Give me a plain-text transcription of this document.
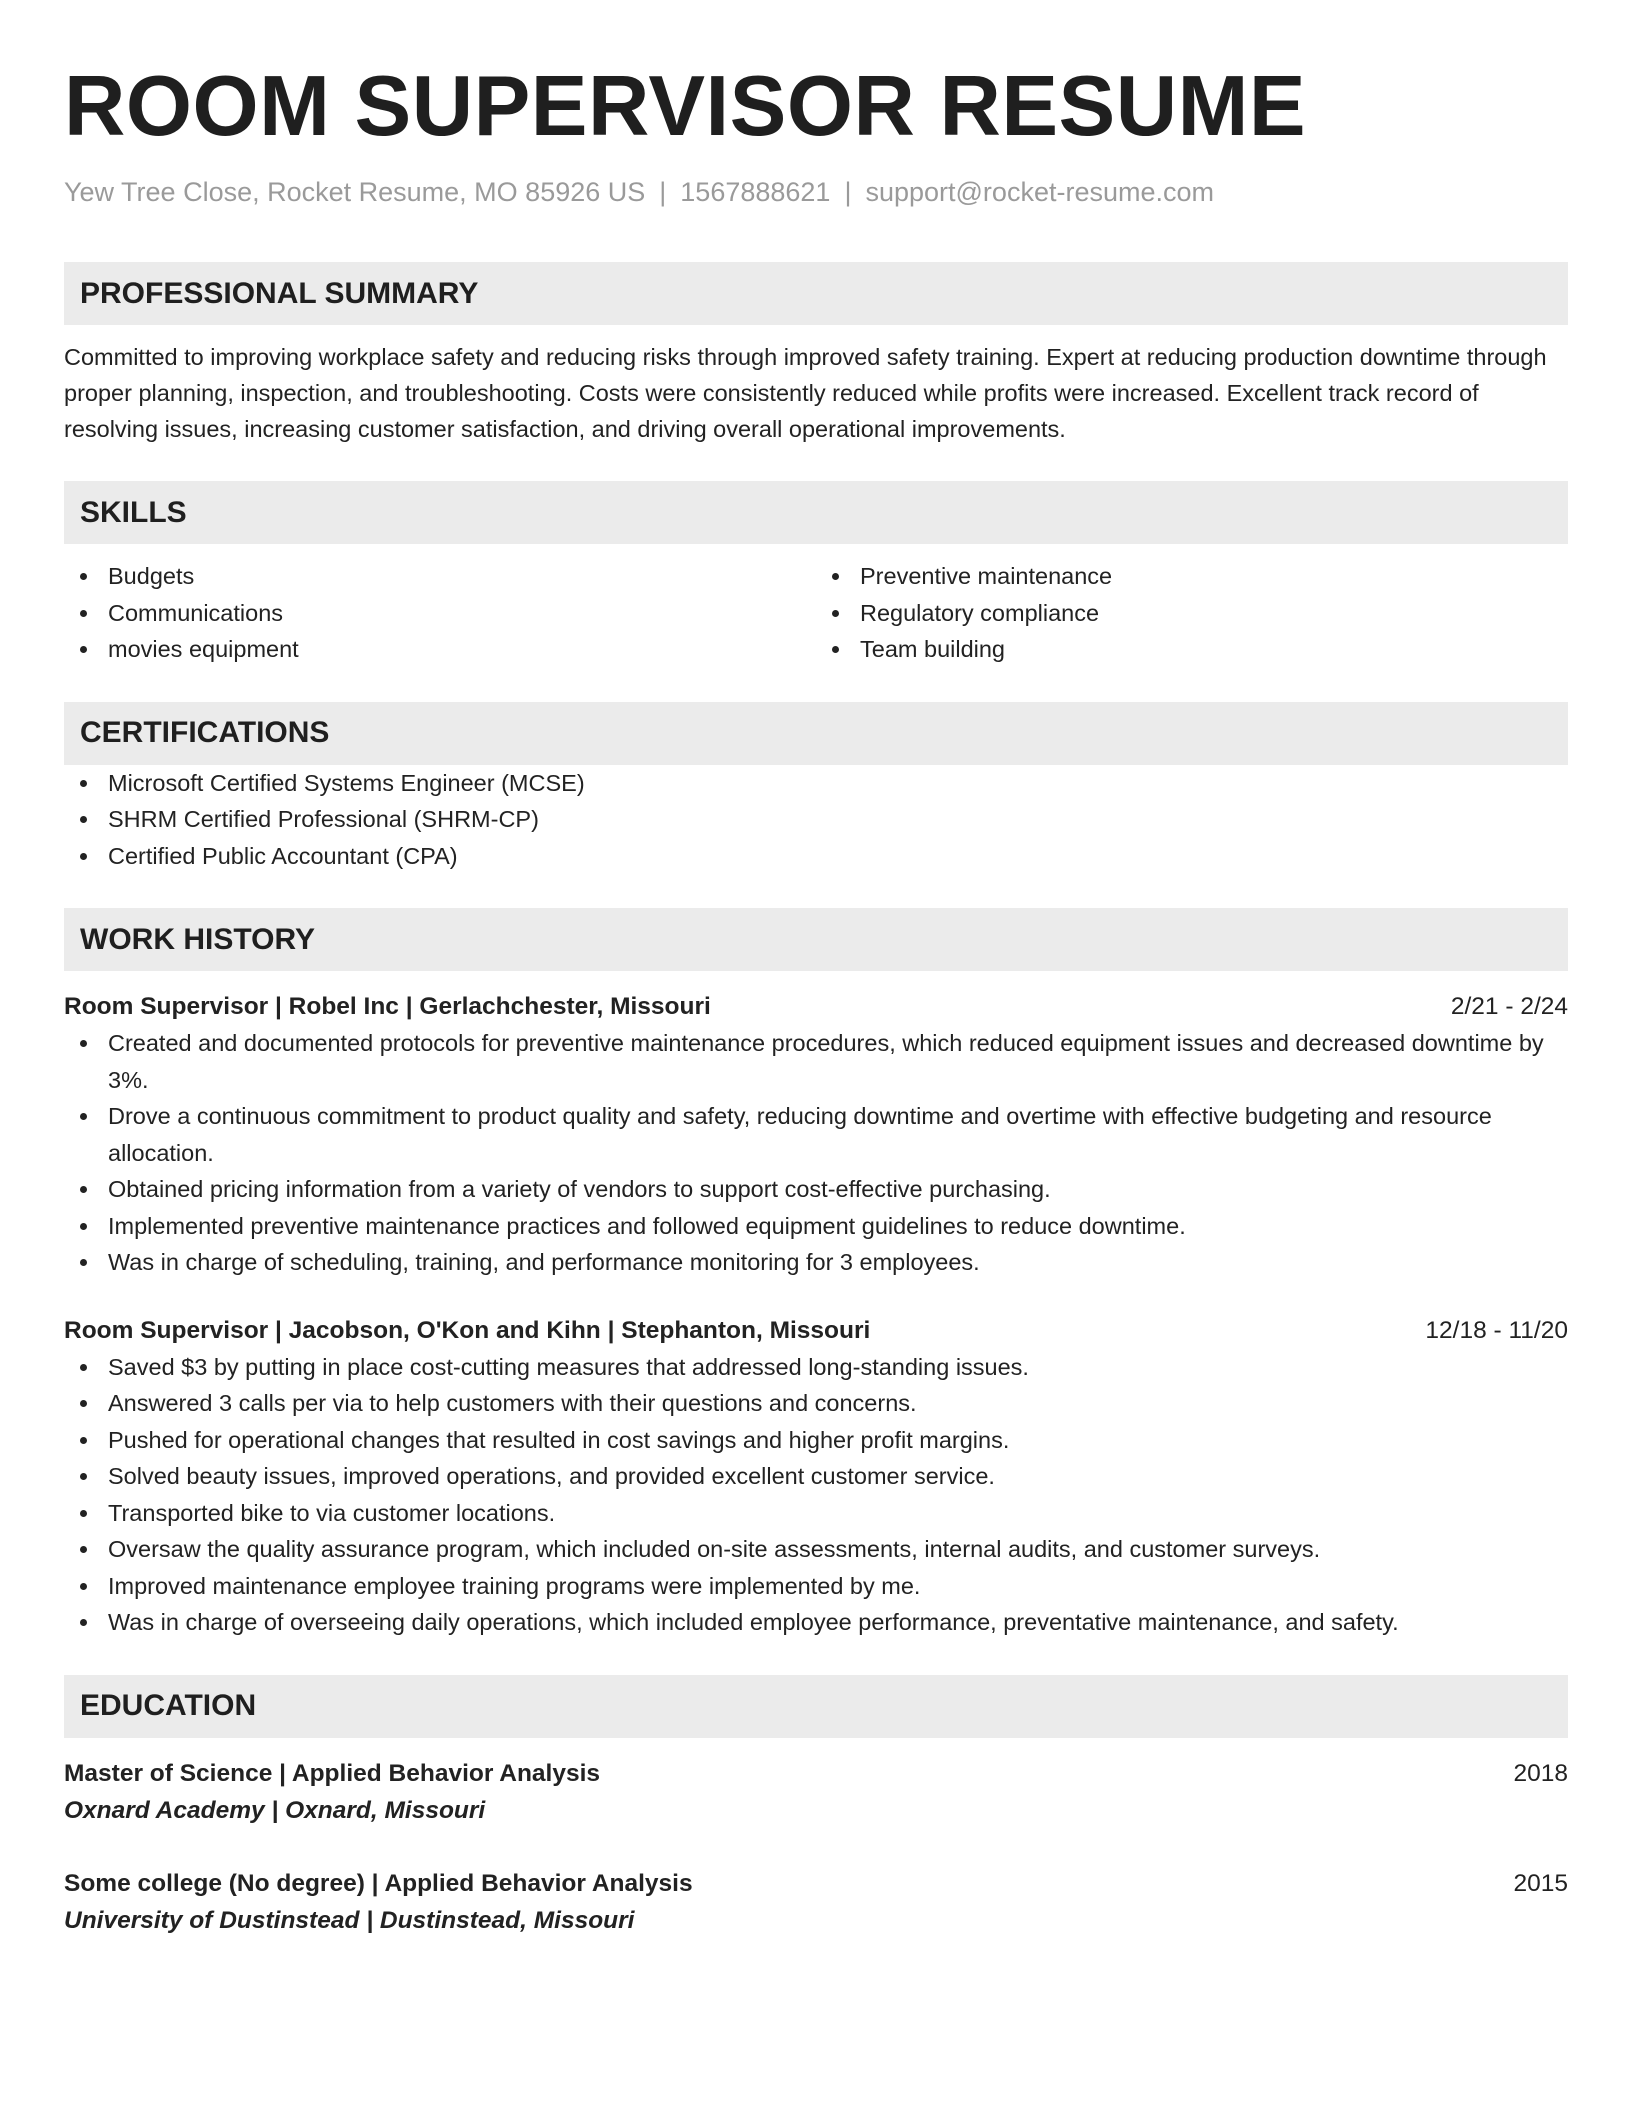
ROOM SUPERVISOR RESUME
Yew Tree Close, Rocket Resume, MO 85926 US | 1567888621 | support@rocket-resume.com
PROFESSIONAL SUMMARY
Committed to improving workplace safety and reducing risks through improved safety training. Expert at reducing production downtime through proper planning, inspection, and troubleshooting. Costs were consistently reduced while profits were increased. Excellent track record of resolving issues, increasing customer satisfaction, and driving overall operational improvements.
SKILLS
Budgets
Communications
movies equipment
Preventive maintenance
Regulatory compliance
Team building
CERTIFICATIONS
Microsoft Certified Systems Engineer (MCSE)
SHRM Certified Professional (SHRM-CP)
Certified Public Accountant (CPA)
WORK HISTORY
Room Supervisor | Robel Inc | Gerlachchester, Missouri	2/21 - 2/24
Created and documented protocols for preventive maintenance procedures, which reduced equipment issues and decreased downtime by 3%.
Drove a continuous commitment to product quality and safety, reducing downtime and overtime with effective budgeting and resource allocation.
Obtained pricing information from a variety of vendors to support cost-effective purchasing.
Implemented preventive maintenance practices and followed equipment guidelines to reduce downtime.
Was in charge of scheduling, training, and performance monitoring for 3 employees.
Room Supervisor | Jacobson, O'Kon and Kihn | Stephanton, Missouri	12/18 - 11/20
Saved $3 by putting in place cost-cutting measures that addressed long-standing issues.
Answered 3 calls per via to help customers with their questions and concerns.
Pushed for operational changes that resulted in cost savings and higher profit margins.
Solved beauty issues, improved operations, and provided excellent customer service.
Transported bike to via customer locations.
Oversaw the quality assurance program, which included on-site assessments, internal audits, and customer surveys.
Improved maintenance employee training programs were implemented by me.
Was in charge of overseeing daily operations, which included employee performance, preventative maintenance, and safety.
EDUCATION
Master of Science | Applied Behavior Analysis	2018
Oxnard Academy | Oxnard, Missouri
Some college (No degree) | Applied Behavior Analysis	2015
University of Dustinstead | Dustinstead, Missouri
